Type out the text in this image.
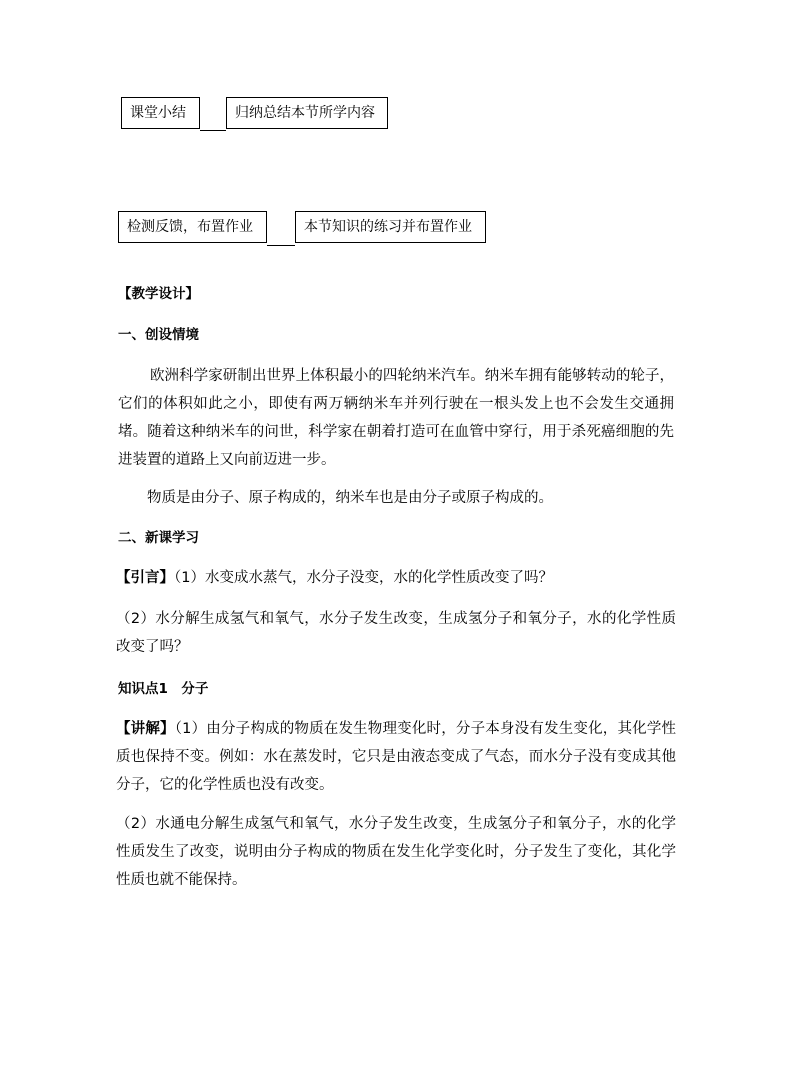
课堂小结	归纳总结本节所学内容
检测反馈，布置作业	本节知识的练习并布置作业
【教学设计】
一、创设情境
欧洲科学家研制出世界上体积最小的四轮纳米汽车。纳米车拥有能够转动的轮子，它们的体积如此之小，即使有两万辆纳米车并列行驶在一根头发上也不会发生交通拥堵。随着这种纳米车的问世，科学家在朝着打造可在血管中穿行，用于杀死癌细胞的先进装置的道路上又向前迈进一步。
物质是由分子、原子构成的，纳米车也是由分子或原子构成的。
二、新课学习
【引言】（1）水变成水蒸气，水分子没变，水的化学性质改变了吗？
（2）水分解生成氢气和氧气，水分子发生改变，生成氢分子和氧分子，水的化学性质改变了吗？
知识点1　分子
【讲解】（1）由分子构成的物质在发生物理变化时，分子本身没有发生变化，其化学性质也保持不变。例如：水在蒸发时，它只是由液态变成了气态，而水分子没有变成其他分子，它的化学性质也没有改变。
（2）水通电分解生成氢气和氧气，水分子发生改变，生成氢分子和氧分子，水的化学性质发生了改变，说明由分子构成的物质在发生化学变化时，分子发生了变化，其化学性质也就不能保持。
